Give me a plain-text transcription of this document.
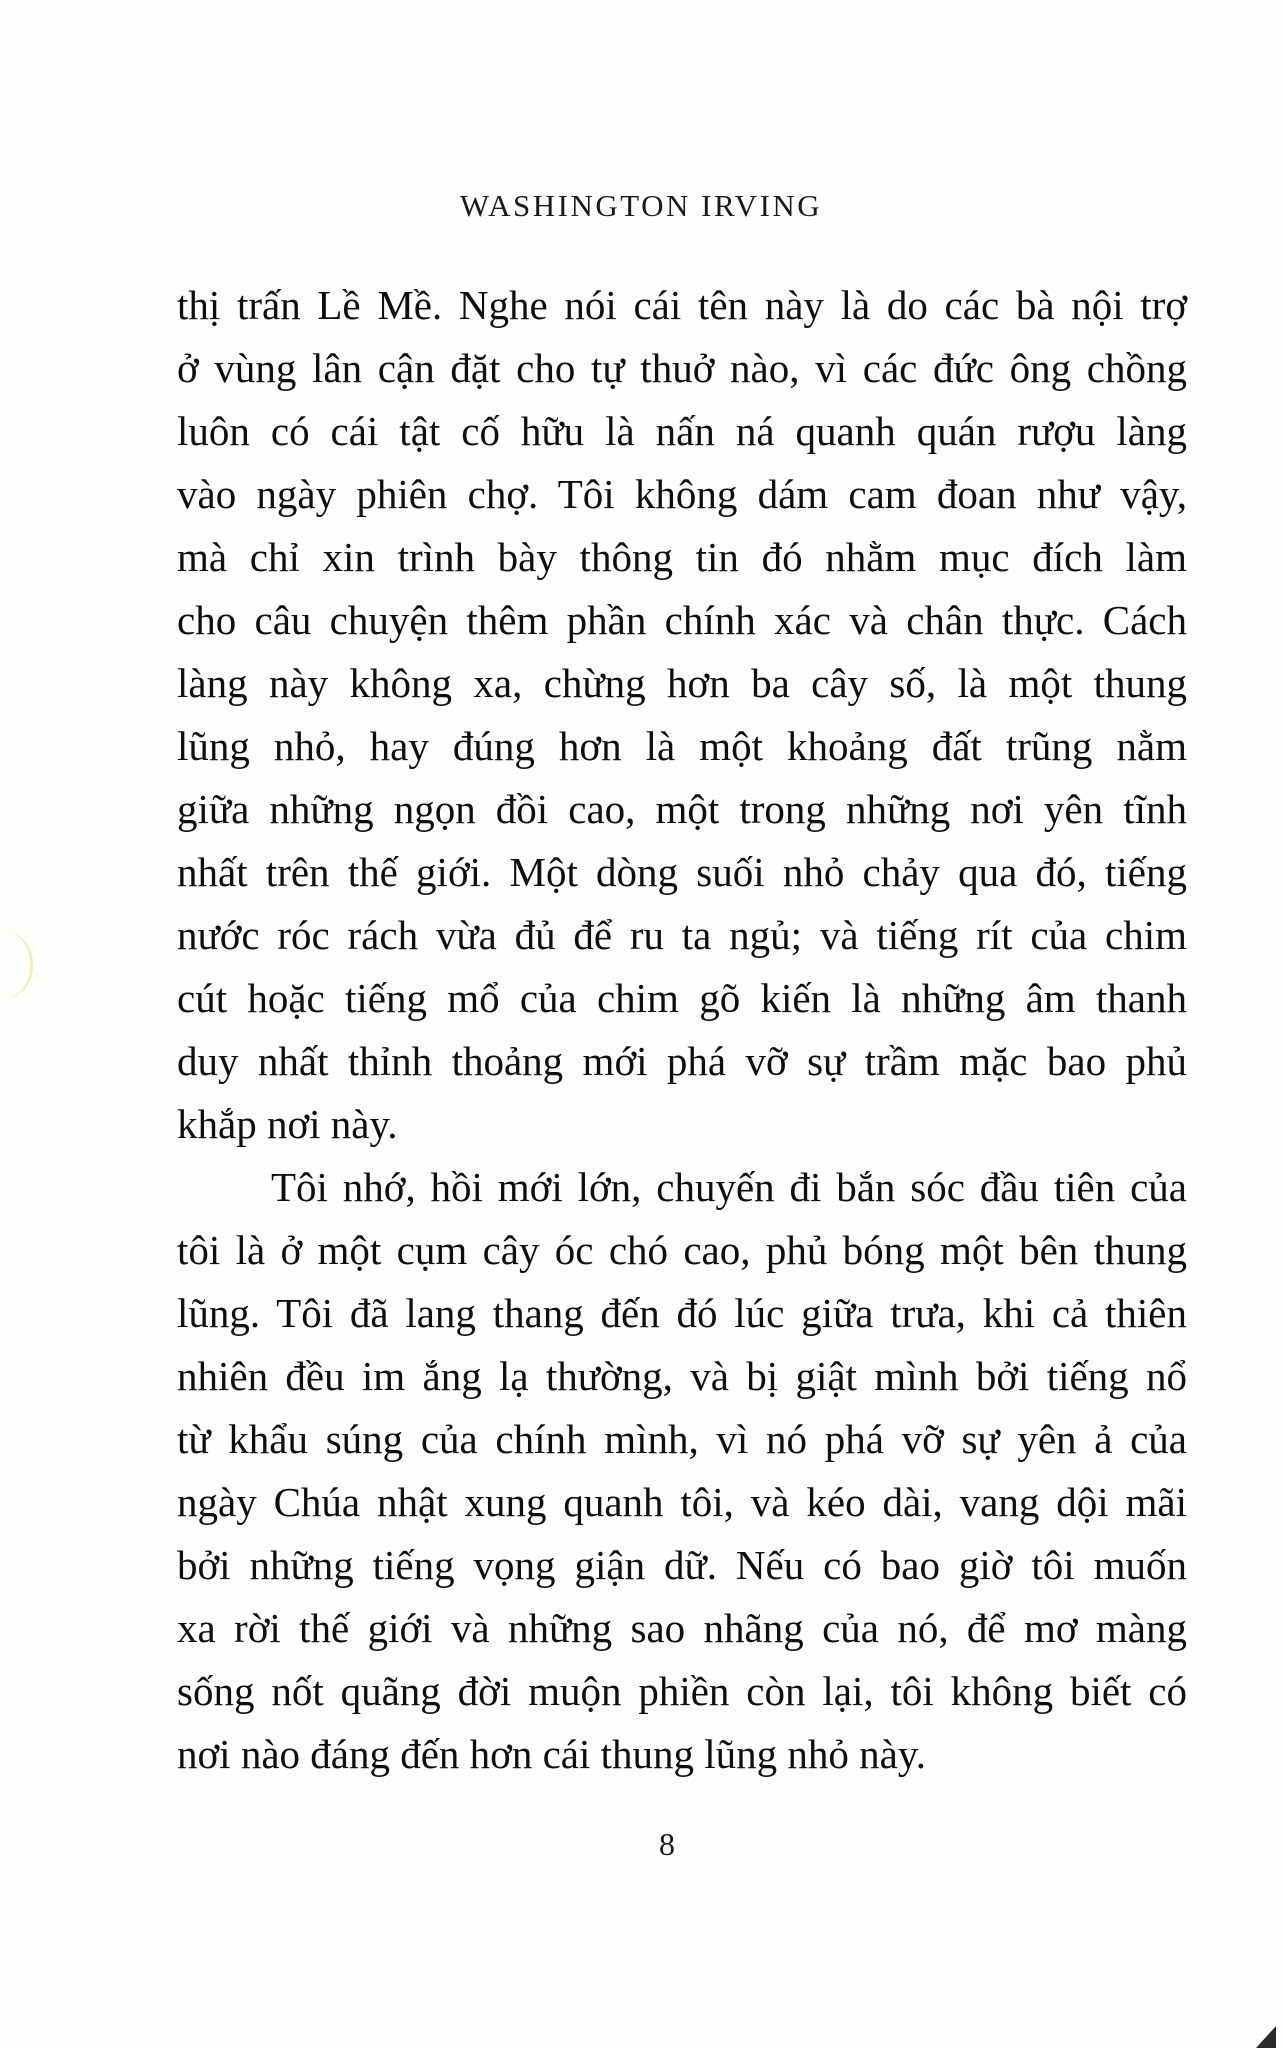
WASHINGTON IRVING
thị trấn Lề Mề. Nghe nói cái tên này là do các bà nội trợ
ở vùng lân cận đặt cho tự thuở nào, vì các đức ông chồng
luôn có cái tật cố hữu là nấn ná quanh quán rượu làng
vào ngày phiên chợ. Tôi không dám cam đoan như vậy,
mà chỉ xin trình bày thông tin đó nhằm mục đích làm
cho câu chuyện thêm phần chính xác và chân thực. Cách
làng này không xa, chừng hơn ba cây số, là một thung
lũng nhỏ, hay đúng hơn là một khoảng đất trũng nằm
giữa những ngọn đồi cao, một trong những nơi yên tĩnh
nhất trên thế giới. Một dòng suối nhỏ chảy qua đó, tiếng
nước róc rách vừa đủ để ru ta ngủ; và tiếng rít của chim
cút hoặc tiếng mổ của chim gõ kiến là những âm thanh
duy nhất thỉnh thoảng mới phá vỡ sự trầm mặc bao phủ
khắp nơi này.
Tôi nhớ, hồi mới lớn, chuyến đi bắn sóc đầu tiên của
tôi là ở một cụm cây óc chó cao, phủ bóng một bên thung
lũng. Tôi đã lang thang đến đó lúc giữa trưa, khi cả thiên
nhiên đều im ắng lạ thường, và bị giật mình bởi tiếng nổ
từ khẩu súng của chính mình, vì nó phá vỡ sự yên ả của
ngày Chúa nhật xung quanh tôi, và kéo dài, vang dội mãi
bởi những tiếng vọng giận dữ. Nếu có bao giờ tôi muốn
xa rời thế giới và những sao nhãng của nó, để mơ màng
sống nốt quãng đời muộn phiền còn lại, tôi không biết có
nơi nào đáng đến hơn cái thung lũng nhỏ này.
8
